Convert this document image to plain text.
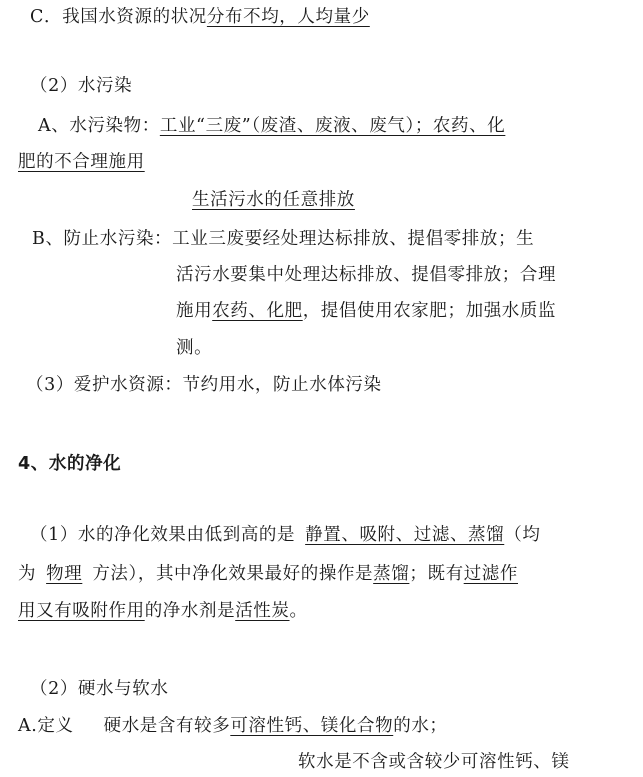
C．我国水资源的状况分布不均，人均量少
（2）水污染
A、水污染物：工业“三废”（废渣、废液、废气）；农药、化
肥的不合理施用
生活污水的任意排放
B、防止水污染：工业三废要经处理达标排放、提倡零排放；生
活污水要集中处理达标排放、提倡零排放；合理
施用农药、化肥，提倡使用农家肥；加强水质监
测。
（3）爱护水资源：节约用水，防止水体污染
4、水的净化
（1）水的净化效果由低到高的是 静置、吸附、过滤、蒸馏（均
为 物理 方法），其中净化效果最好的操作是蒸馏；既有过滤作
用又有吸附作用的净水剂是活性炭。
（2）硬水与软水
A.定义 硬水是含有较多可溶性钙、镁化合物的水；
软水是不含或含较少可溶性钙、镁
